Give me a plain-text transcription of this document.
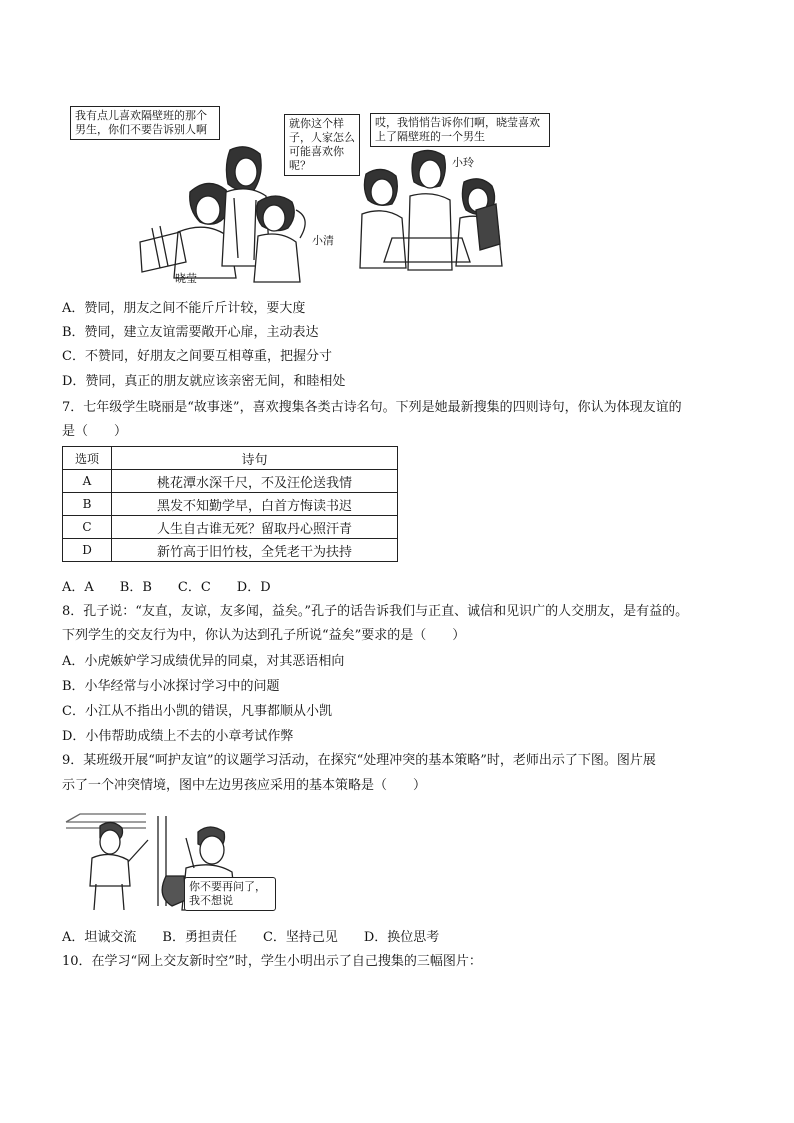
我有点儿喜欢隔壁班的那个男生，你们不要告诉别人啊	就你这个样子，人家怎么可能喜欢你呢？
晓莹
小清
哎，我悄悄告诉你们啊，晓莹喜欢上了隔壁班的一个男生
小玲
A．赞同，朋友之间不能斤斤计较，要大度
B．赞同，建立友谊需要敞开心扉，主动表达
C．不赞同，好朋友之间要互相尊重，把握分寸
D．赞同，真正的朋友就应该亲密无间，和睦相处
7．七年级学生晓丽是“故事迷”，喜欢搜集各类古诗名句。下列是她最新搜集的四则诗句，你认为体现友谊的
是（　　）
选项	诗句
A	桃花潭水深千尺，不及汪伦送我情
B	黑发不知勤学早，白首方悔读书迟
C	人生自古谁无死？留取丹心照汗青
D	新竹高于旧竹枝，全凭老干为扶持
A．A　　B．B　　C．C　　D．D
8．孔子说：“友直，友谅，友多闻，益矣。”孔子的话告诉我们与正直、诚信和见识广的人交朋友，是有益的。
下列学生的交友行为中，你认为达到孔子所说“益矣”要求的是（　　）
A．小虎嫉妒学习成绩优异的同桌，对其恶语相向
B．小华经常与小冰探讨学习中的问题
C．小江从不指出小凯的错误，凡事都顺从小凯
D．小伟帮助成绩上不去的小章考试作弊
9．某班级开展“呵护友谊”的议题学习活动，在探究“处理冲突的基本策略”时，老师出示了下图。图片展
示了一个冲突情境，图中左边男孩应采用的基本策略是（　　）
你不要再问了，我不想说
A．坦诚交流　　B．勇担责任　　C．坚持己见　　D．换位思考
10．在学习“网上交友新时空”时，学生小明出示了自己搜集的三幅图片：
